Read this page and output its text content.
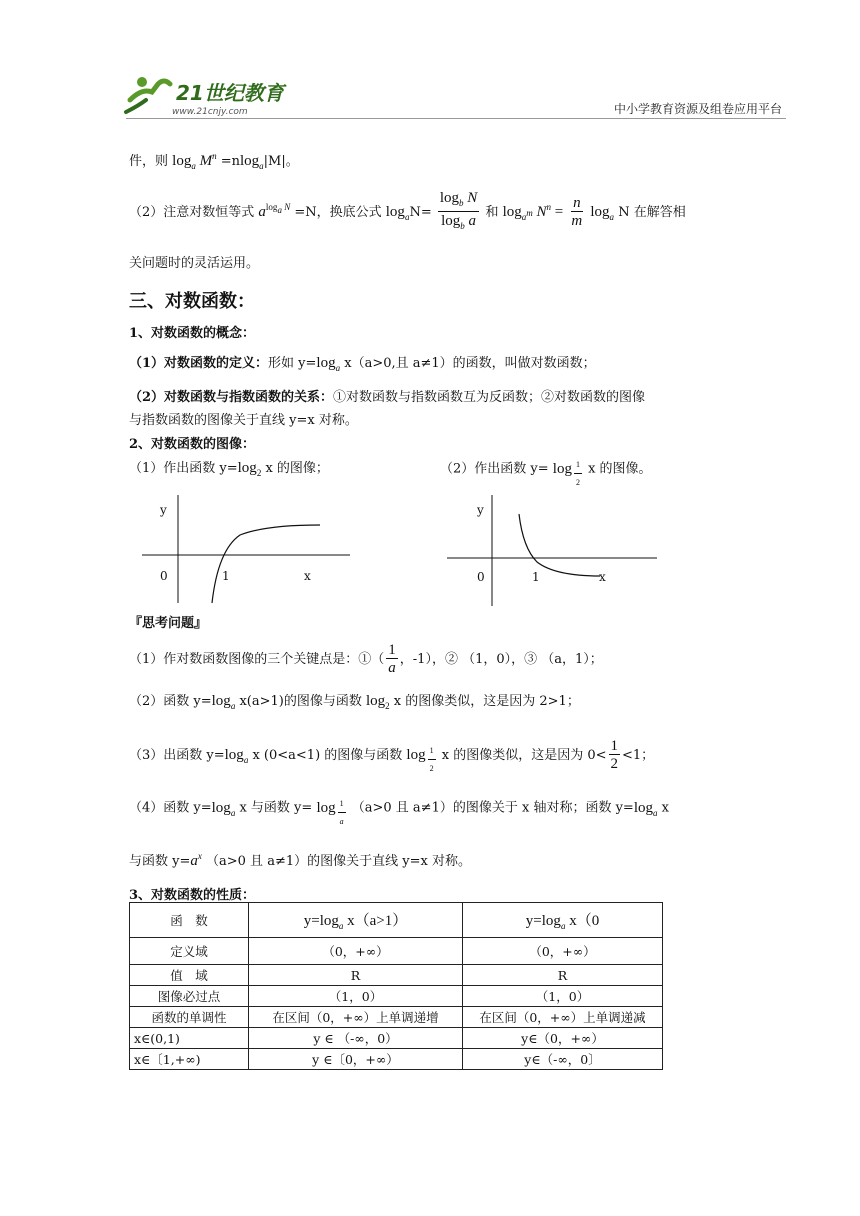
21世纪教育
www.21cnjy.com	中小学教育资源及组卷应用平台
件，则 $\log_a M^n =nlog_a|M|$。
（2）注意对数恒等式 $a^{log_a N} =N$，换底公式 $\log_aN= \frac{\log_b N}{\log_b a}$ 和 $\log_{a^m} N^n = \frac{n}{m} \log_a N$ 在解答相
关问题时的灵活运用。
三、对数函数：
1、对数函数的概念：
（1）对数函数的定义：形如 $y=\log_a$ x（a>0,且 a≠1）的函数，叫做对数函数；
（2）对数函数与指数函数的关系：①对数函数与指数函数互为反函数；②对数函数的图像
与指数函数的图像关于直线 y=x 对称。
2、对数函数的图像：
（1）作出函数 $y=\log_2$ x 的图像；	（2）作出函数 y= log $_{\frac{1}{2}}$ x 的图像。
y
0	1	x
y
0	1	x
『思考问题』
（1）作对数函数图像的三个关键点是：①（ $\frac{1}{a}$ ，-1），② （1，0），③ （a，1）；
（2）函数 $y=\log_a$ x(a>1)的图像与函数 $\log_2 x$ 的图像类似，这是因为 2>1；
（3）出函数 $y=\log_a$ x (0<a<1) 的图像与函数 log $_{\frac{1}{2}}$ x 的图像类似，这是因为 $0< \frac{1}{2} <1$；
（4）函数 $y=\log_a$ x 与函数 y= log $_{\frac{1}{a}}$ （a>0 且 a≠1）的图像关于 x 轴对称；函数 $y=\log_a$ x
与函数 $y=a^x$ （a>0 且 a≠1）的图像关于直线 y=x 对称。
3、对数函数的性质：
函　数	$y=\log_a$ x（a>1）	$y=\log_a$ x（0
定义域	（0，+∞）	（0，+∞）
值　域	R	R
图像必过点	（1，0）	（1，0）
函数的单调性	在区间（0，+∞）上单调递增	在区间（0，+∞）上单调递减
x∈(0,1)	y ∈ （-∞，0）	y∈（0，+∞）
x∈〔1,+∞)	y ∈〔0，+∞）	y∈（-∞，0〕
